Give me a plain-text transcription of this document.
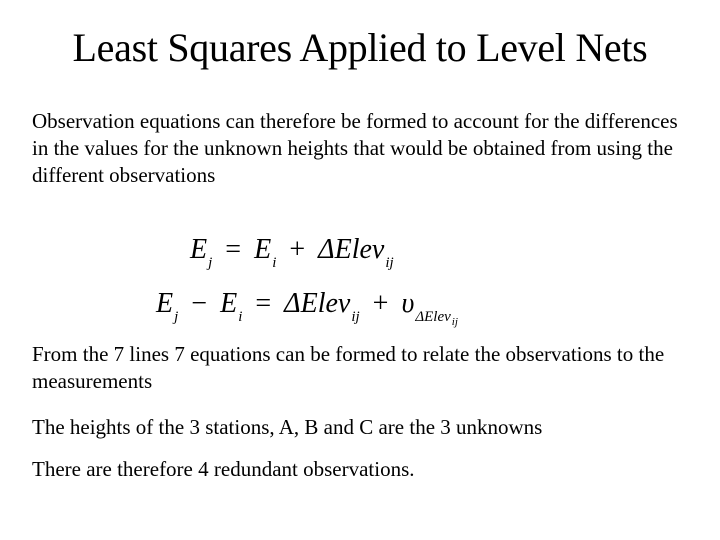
Least Squares Applied to Level Nets
Observation equations can therefore be formed to account for the differences in the values for the unknown heights that would be obtained from using the different observations
$E_j = E_i$ + ΔElev$_{ij}$
$E_j - E_i$ = ΔElev$_{ij}$ + $\upsilon_{\Delta Elev_{ij}}$
From the 7 lines 7 equations can be formed to relate the observations to the measurements
The heights of the 3 stations, A, B and C are the 3 unknowns
There are therefore 4 redundant observations.
